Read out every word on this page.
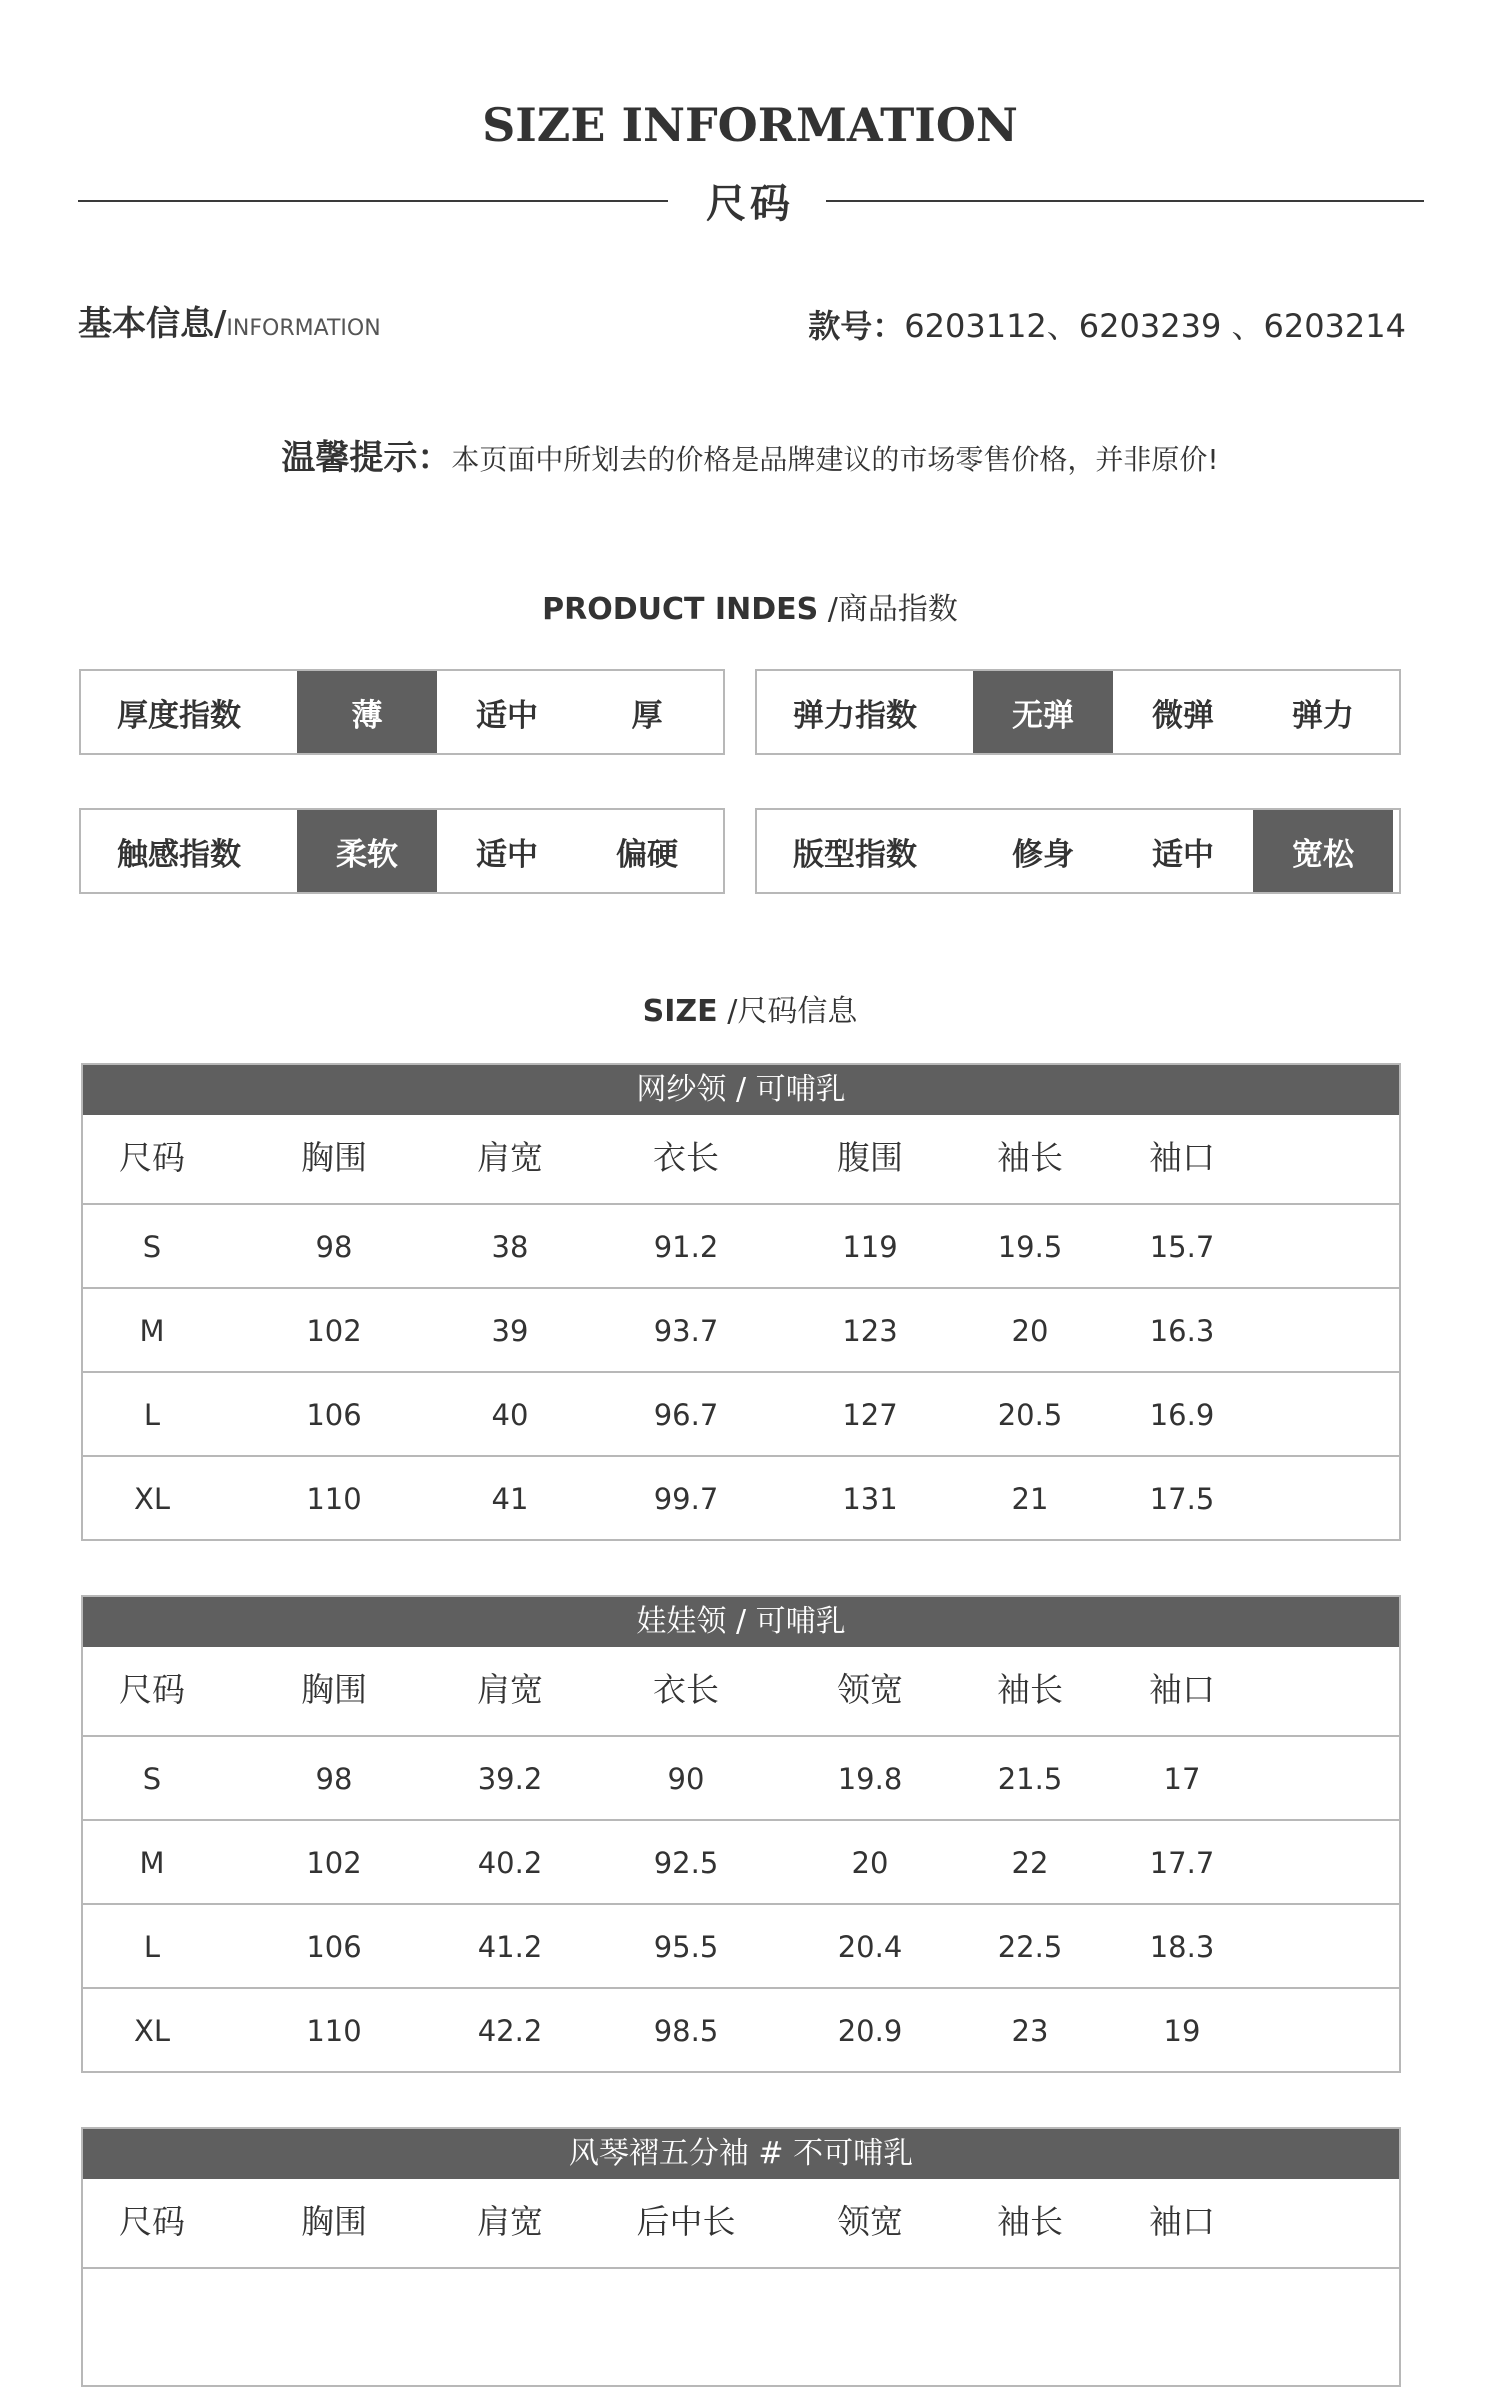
SIZE INFORMATION
尺码
基本信息/INFORMATION	款号：6203112、6203239 、6203214
温馨提示：本页面中所划去的价格是品牌建议的市场零售价格，并非原价!
PRODUCT INDES /商品指数
厚度指数	薄	适中	厚	弹力指数	无弹	微弹	弹力
触感指数	柔软	适中	偏硬	版型指数	修身	适中	宽松
SIZE /尺码信息
网纱领 / 可哺乳
尺码	胸围	肩宽	衣长	腹围	袖长	袖口
S	98	38	91.2	119	19.5	15.7
M	102	39	93.7	123	20	16.3
L	106	40	96.7	127	20.5	16.9
XL	110	41	99.7	131	21	17.5
娃娃领 / 可哺乳
尺码	胸围	肩宽	衣长	领宽	袖长	袖口
S	98	39.2	90	19.8	21.5	17
M	102	40.2	92.5	20	22	17.7
L	106	41.2	95.5	20.4	22.5	18.3
XL	110	42.2	98.5	20.9	23	19
风琴褶五分袖 # 不可哺乳
尺码	胸围	肩宽	后中长	领宽	袖长	袖口
